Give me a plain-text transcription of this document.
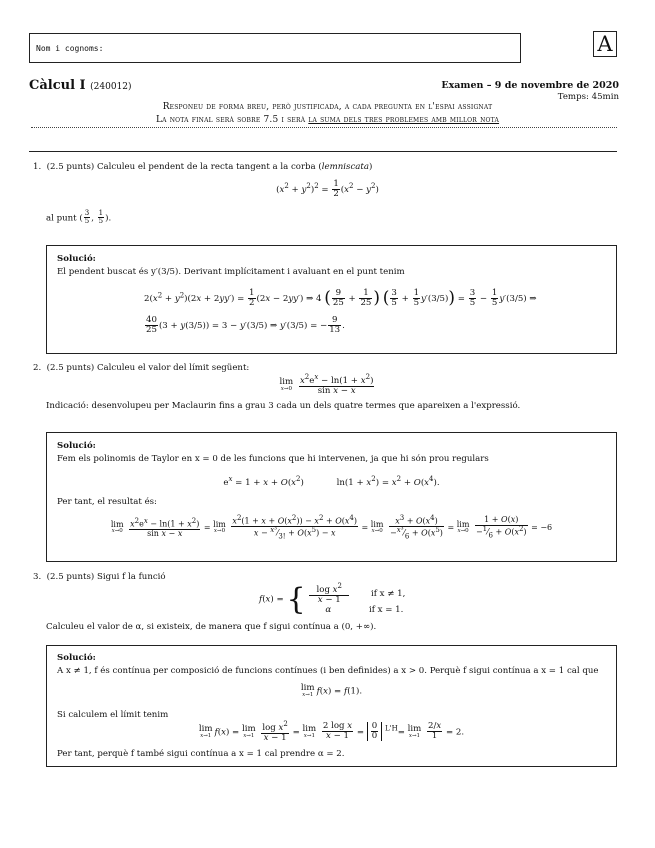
Nom i cognoms:	A
Càlcul I (240012)	Examen – 9 de novembre de 2020
Temps: 45min
Responeu de forma breu, però justificada, a cada pregunta en l'espai assignat
La nota final serà sobre 7.5 i serà la suma dels tres problemes amb millor nota
1. (2.5 punts) Calculeu el pendent de la recta tangent a la corba (lemniscata)
$(x^2 + y^2)^2 = \frac{1}{2} (x^2 - y^2)$
al punt ( $\frac{3}{5}$ , $\frac{1}{5}$ ).
Solució:
El pendent buscat és y′(3/5). Derivant implícitament i avaluant en el punt tenim
$2(x^2 + y^2)(2x + 2yy') = \frac{1}{2} (2x - 2yy')$ ⇒ 4 ( $\frac{9}{25} + \frac{1}{25}$ ) ( $\frac{3}{5} + \frac{1}{5} y'(3/5)) = \frac{3}{5} - \frac{1}{5} y'(3/5)$ ⇒
$\frac{40}{25} (3 + y(3/5)) = 3 - y'(3/5)$ ⇒ y′(3/5) = − $\frac{9}{13}$ .
2. (2.5 punts) Calculeu el valor del límit següent:
lim
x→0
$\frac{x^2e^x - \ln(1 + x^2)}{\text{sin x − x}}$
Indicació: desenvolupeu per Maclaurin fins a grau 3 cada un dels quatre termes que apareixen a l'expressió.
Solució:
Fem els polinomis de Taylor en x = 0 de les funcions que hi intervenen, ja que hi són prou regulars
$e^x = 1 + x + O(x^2)$            $\ln(1 + x^2) = x^2 + O(x^4)$.
Per tant, el resultat és:
lim
x→0
$\frac{x^2e^x - \ln(1 + x^2)}{\text{sin x − x}} = \lim$
x→0
$\frac{x^2(1 + x + O(x^2)) - x^2 + O(x^4)}{x - ^{x^3}⁄_{3!} + O(x^5) - x} = \lim$
x→0
$\frac{x^3 + O(x^4)}{-^{x^3}⁄_6 + O(x^5)} = \lim$
x→0
$\frac{1 + O(x)}{-^1⁄_6 + O(x^2)} = -6$
3. (2.5 punts) Sigui f la funció
f(x) = { $\frac{\log x^2}{x - 1}$	if x ≠ 1,
α	if x = 1.
Calculeu el valor de α, si existeix, de manera que f sigui contínua a (0, +∞).
Solució:
A x ≠ 1, f és contínua per composició de funcions contínues (i ben definides) a x > 0. Perquè f sigui contínua a x = 1 cal que
lim
x→1 f(x) = f(1).
Si calculem el límit tenim
lim
x→1 f(x) = lim
x→1
$\frac{\log x^2}{x - 1} = \lim$
x→1
$\frac{\text{2 log x}}{x - 1} = \frac{0}{0} ^{L'H}= \lim$
x→1
$\frac{2/x}{1} = 2$.
Per tant, perquè f també sigui contínua a x = 1 cal prendre α = 2.
